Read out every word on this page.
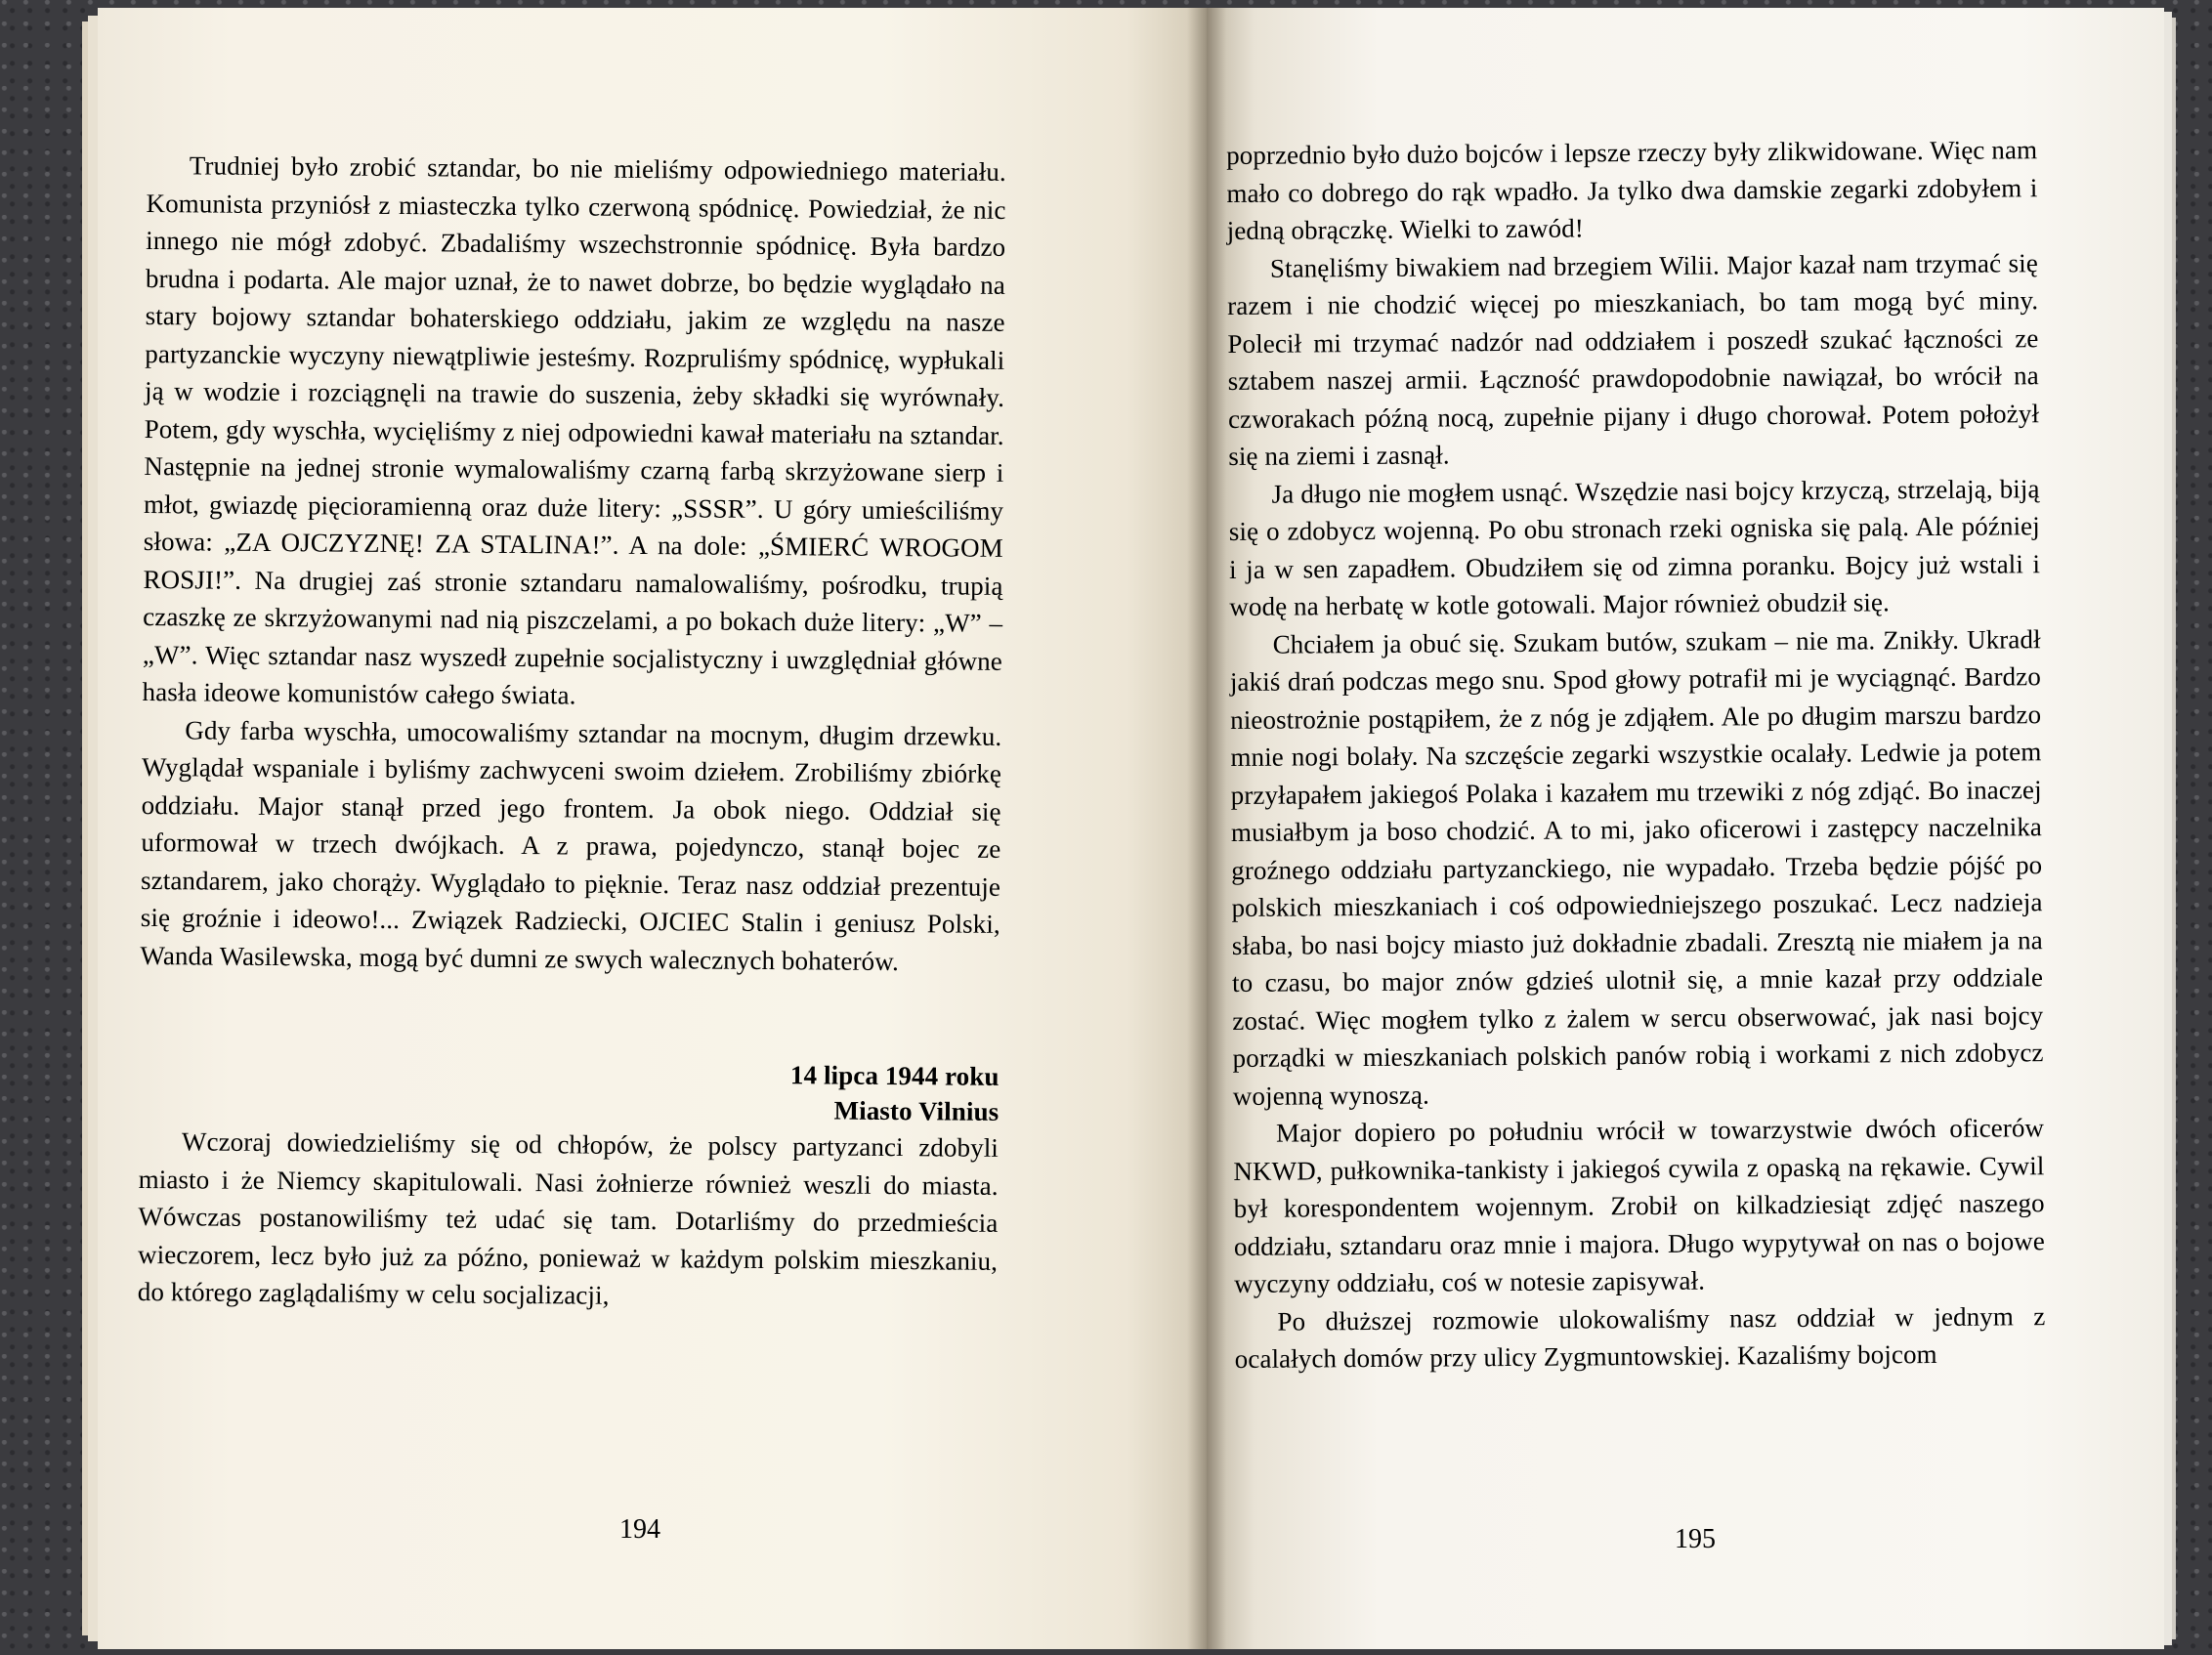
Trudniej było zrobić sztandar, bo nie mieliśmy odpowiedniego materiału. Komunista przyniósł z miasteczka tylko czerwoną spódnicę. Powiedział, że nic innego nie mógł zdobyć. Zbadaliśmy wszechstronnie spódnicę. Była bardzo brudna i podarta. Ale major uznał, że to nawet dobrze, bo będzie wyglądało na stary bojowy sztandar bohaterskiego oddziału, jakim ze względu na nasze partyzanckie wyczyny niewątpliwie jesteśmy. Rozpruliśmy spódnicę, wypłukali ją w wodzie i rozciągnęli na trawie do suszenia, żeby składki się wyrównały. Potem, gdy wyschła, wycięliśmy z niej odpowiedni kawał materiału na sztandar. Następnie na jednej stronie wymalowaliśmy czarną farbą skrzyżowane sierp i młot, gwiazdę pięcioramienną oraz duże litery: „SSSR”. U góry umieściliśmy słowa: „ZA OJCZYZNĘ! ZA STALINA!”. A na dole: „ŚMIERĆ WROGOM ROSJI!”. Na drugiej zaś stronie sztandaru namalowaliśmy, pośrodku, trupią czaszkę ze skrzyżowanymi nad nią piszczelami, a po bokach duże litery: „W” – „W”. Więc sztandar nasz wyszedł zupełnie socjalistyczny i uwzględniał główne hasła ideowe komunistów całego świata.

Gdy farba wyschła, umocowaliśmy sztandar na mocnym, długim drzewku. Wyglądał wspaniale i byliśmy zachwyceni swoim dziełem. Zrobiliśmy zbiórkę oddziału. Major stanął przed jego frontem. Ja obok niego. Oddział się uformował w trzech dwójkach. A z prawa, pojedynczo, stanął bojec ze sztandarem, jako chorąży. Wyglądało to pięknie. Teraz nasz oddział prezentuje się groźnie i ideowo!... Związek Radziecki, OJCIEC Stalin i geniusz Polski, Wanda Wasilewska, mogą być dumni ze swych walecznych bohaterów.

14 lipca 1944 roku
Miasto Vilnius

Wczoraj dowiedzieliśmy się od chłopów, że polscy partyzanci zdobyli miasto i że Niemcy skapitulowali. Nasi żołnierze również weszli do miasta. Wówczas postanowiliśmy też udać się tam. Dotarliśmy do przedmieścia wieczorem, lecz było już za późno, ponieważ w każdym polskim mieszkaniu, do którego zaglądaliśmy w celu socjalizacji,

194

poprzednio było dużo bojców i lepsze rzeczy były zlikwidowane. Więc nam mało co dobrego do rąk wpadło. Ja tylko dwa damskie zegarki zdobyłem i jedną obrączkę. Wielki to zawód!

Stanęliśmy biwakiem nad brzegiem Wilii. Major kazał nam trzymać się razem i nie chodzić więcej po mieszkaniach, bo tam mogą być miny. Polecił mi trzymać nadzór nad oddziałem i poszedł szukać łączności ze sztabem naszej armii. Łączność prawdopodobnie nawiązał, bo wrócił na czworakach późną nocą, zupełnie pijany i długo chorował. Potem położył się na ziemi i zasnął.

Ja długo nie mogłem usnąć. Wszędzie nasi bojcy krzyczą, strzelają, biją się o zdobycz wojenną. Po obu stronach rzeki ogniska się palą. Ale później i ja w sen zapadłem. Obudziłem się od zimna poranku. Bojcy już wstali i wodę na herbatę w kotle gotowali. Major również obudził się.

Chciałem ja obuć się. Szukam butów, szukam – nie ma. Znikły. Ukradł jakiś drań podczas mego snu. Spod głowy potrafił mi je wyciągnąć. Bardzo nieostrożnie postąpiłem, że z nóg je zdjąłem. Ale po długim marszu bardzo mnie nogi bolały. Na szczęście zegarki wszystkie ocalały. Ledwie ja potem przyłapałem jakiegoś Polaka i kazałem mu trzewiki z nóg zdjąć. Bo inaczej musiałbym ja boso chodzić. A to mi, jako oficerowi i zastępcy naczelnika groźnego oddziału partyzanckiego, nie wypadało. Trzeba będzie pójść po polskich mieszkaniach i coś odpowiedniejszego poszukać. Lecz nadzieja słaba, bo nasi bojcy miasto już dokładnie zbadali. Zresztą nie miałem ja na to czasu, bo major znów gdzieś ulotnił się, a mnie kazał przy oddziale zostać. Więc mogłem tylko z żalem w sercu obserwować, jak nasi bojcy porządki w mieszkaniach polskich panów robią i workami z nich zdobycz wojenną wynoszą.

Major dopiero po południu wrócił w towarzystwie dwóch oficerów NKWD, pułkownika-tankisty i jakiegoś cywila z opaską na rękawie. Cywil był korespondentem wojennym. Zrobił on kilkadziesiąt zdjęć naszego oddziału, sztandaru oraz mnie i majora. Długo wypytywał on nas o bojowe wyczyny oddziału, coś w notesie zapisywał.

Po dłuższej rozmowie ulokowaliśmy nasz oddział w jednym z ocalałych domów przy ulicy Zygmuntowskiej. Kazaliśmy bojcom

195
